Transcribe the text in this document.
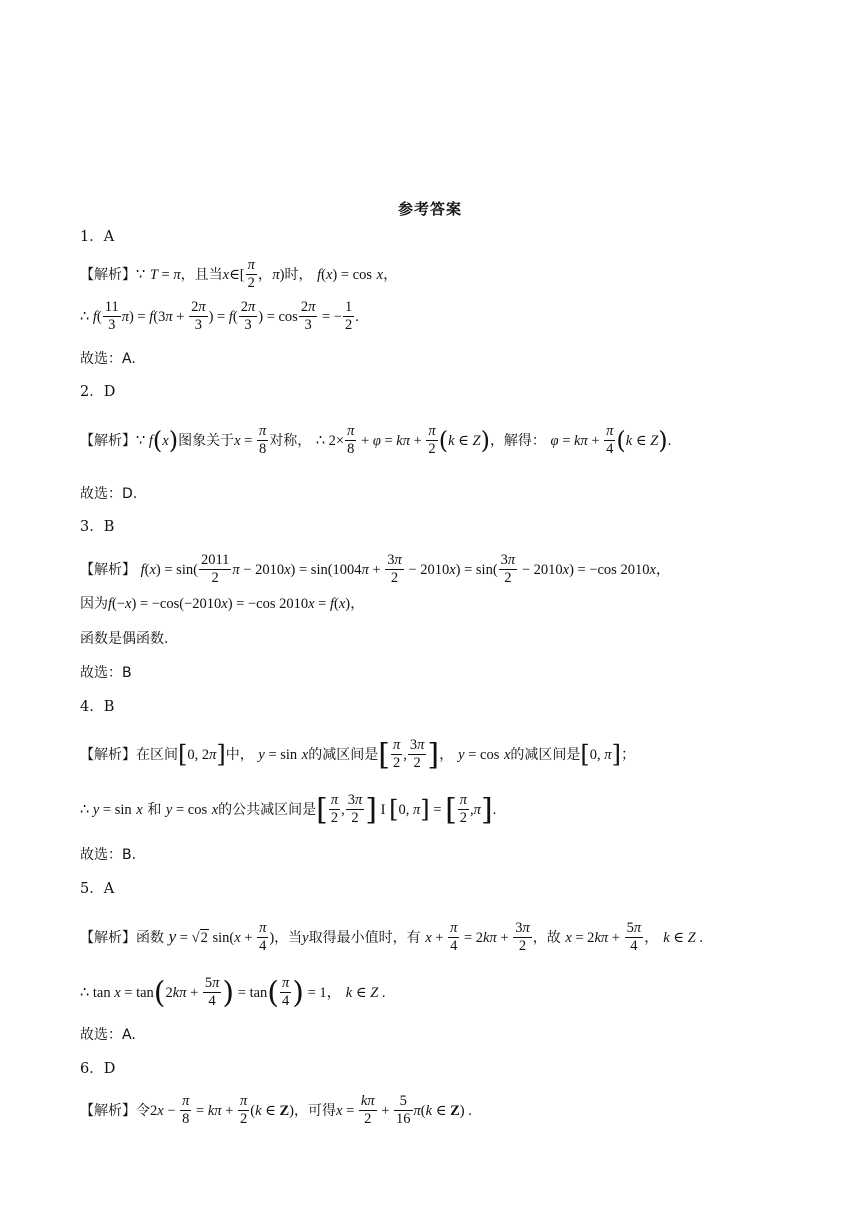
参考答案
1．A
【解析】∵ T = π，且当x∈[ $\frac{\pi}{2}$ ，π)时， f(x) = cos x，
∴ $f( \frac{11}{3} \pi) = f(3\pi + \frac{2\pi}{3}$ ) = $f( \frac{2\pi}{3}$ ) = $\cos \frac{2\pi}{3}$ = − $\frac{1}{2}$ .
故选：A.
2．D
【解析】∵ f(x)图象关于$x = \frac{\pi}{8}$ 对称， ∴ $2\times \frac{\pi}{8} + \varphi = k\pi + \frac{\pi}{2} (k$ ∈ Z)，解得： $\varphi = k\pi + \frac{\pi}{4} (k$ ∈ Z).
故选：D.
3．B
【解析】 $f(x) = \sin( \frac{2011}{2}$ $\pi - 2010x) = \sin(1004\pi + \frac{3\pi}{2} - 2010x) = \sin( \frac{3\pi}{2} - 2010x) = -\cos$ 2010x，
因为f(−x) = −cos(−2010x) = −cos 2010x = f(x)，
函数是偶函数.
故选：B
4．B
【解析】在区间[0, 2π]中， y = sin x的减区间是[ $\frac{\pi}{2}$ , $\frac{3\pi}{2}$ ]， y = cos x的减区间是[0, π]；
∴ y = sin x 和 y = cos x的公共减区间是[ $\frac{\pi}{2}$ , $\frac{3\pi}{2}$ ] I [0, π] = [ $\frac{\pi}{2} ,\pi$].
故选：B.
5．A
【解析】函数 y = √2 $\sin(x + \frac{\pi}{4}$ )，当y取得最小值时，有 $x + \frac{\pi}{4} = 2k\pi + \frac{3\pi}{2}$ ，故 $x = 2k\pi + \frac{5\pi}{4}$ ， k ∈ Z .
∴ $\tan x = \tan(2k\pi + \frac{5\pi}{4}$ ) = $\tan( \frac{\pi}{4}$ ) = 1， k ∈ Z .
故选：A.
6．D
【解析】令$2x - \frac{\pi}{8} = k\pi + \frac{\pi}{2} (k$ ∈ Z)，可得$x = \frac{k\pi}{2} + \frac{5}{16} \pi(k$ ∈ Z) .
